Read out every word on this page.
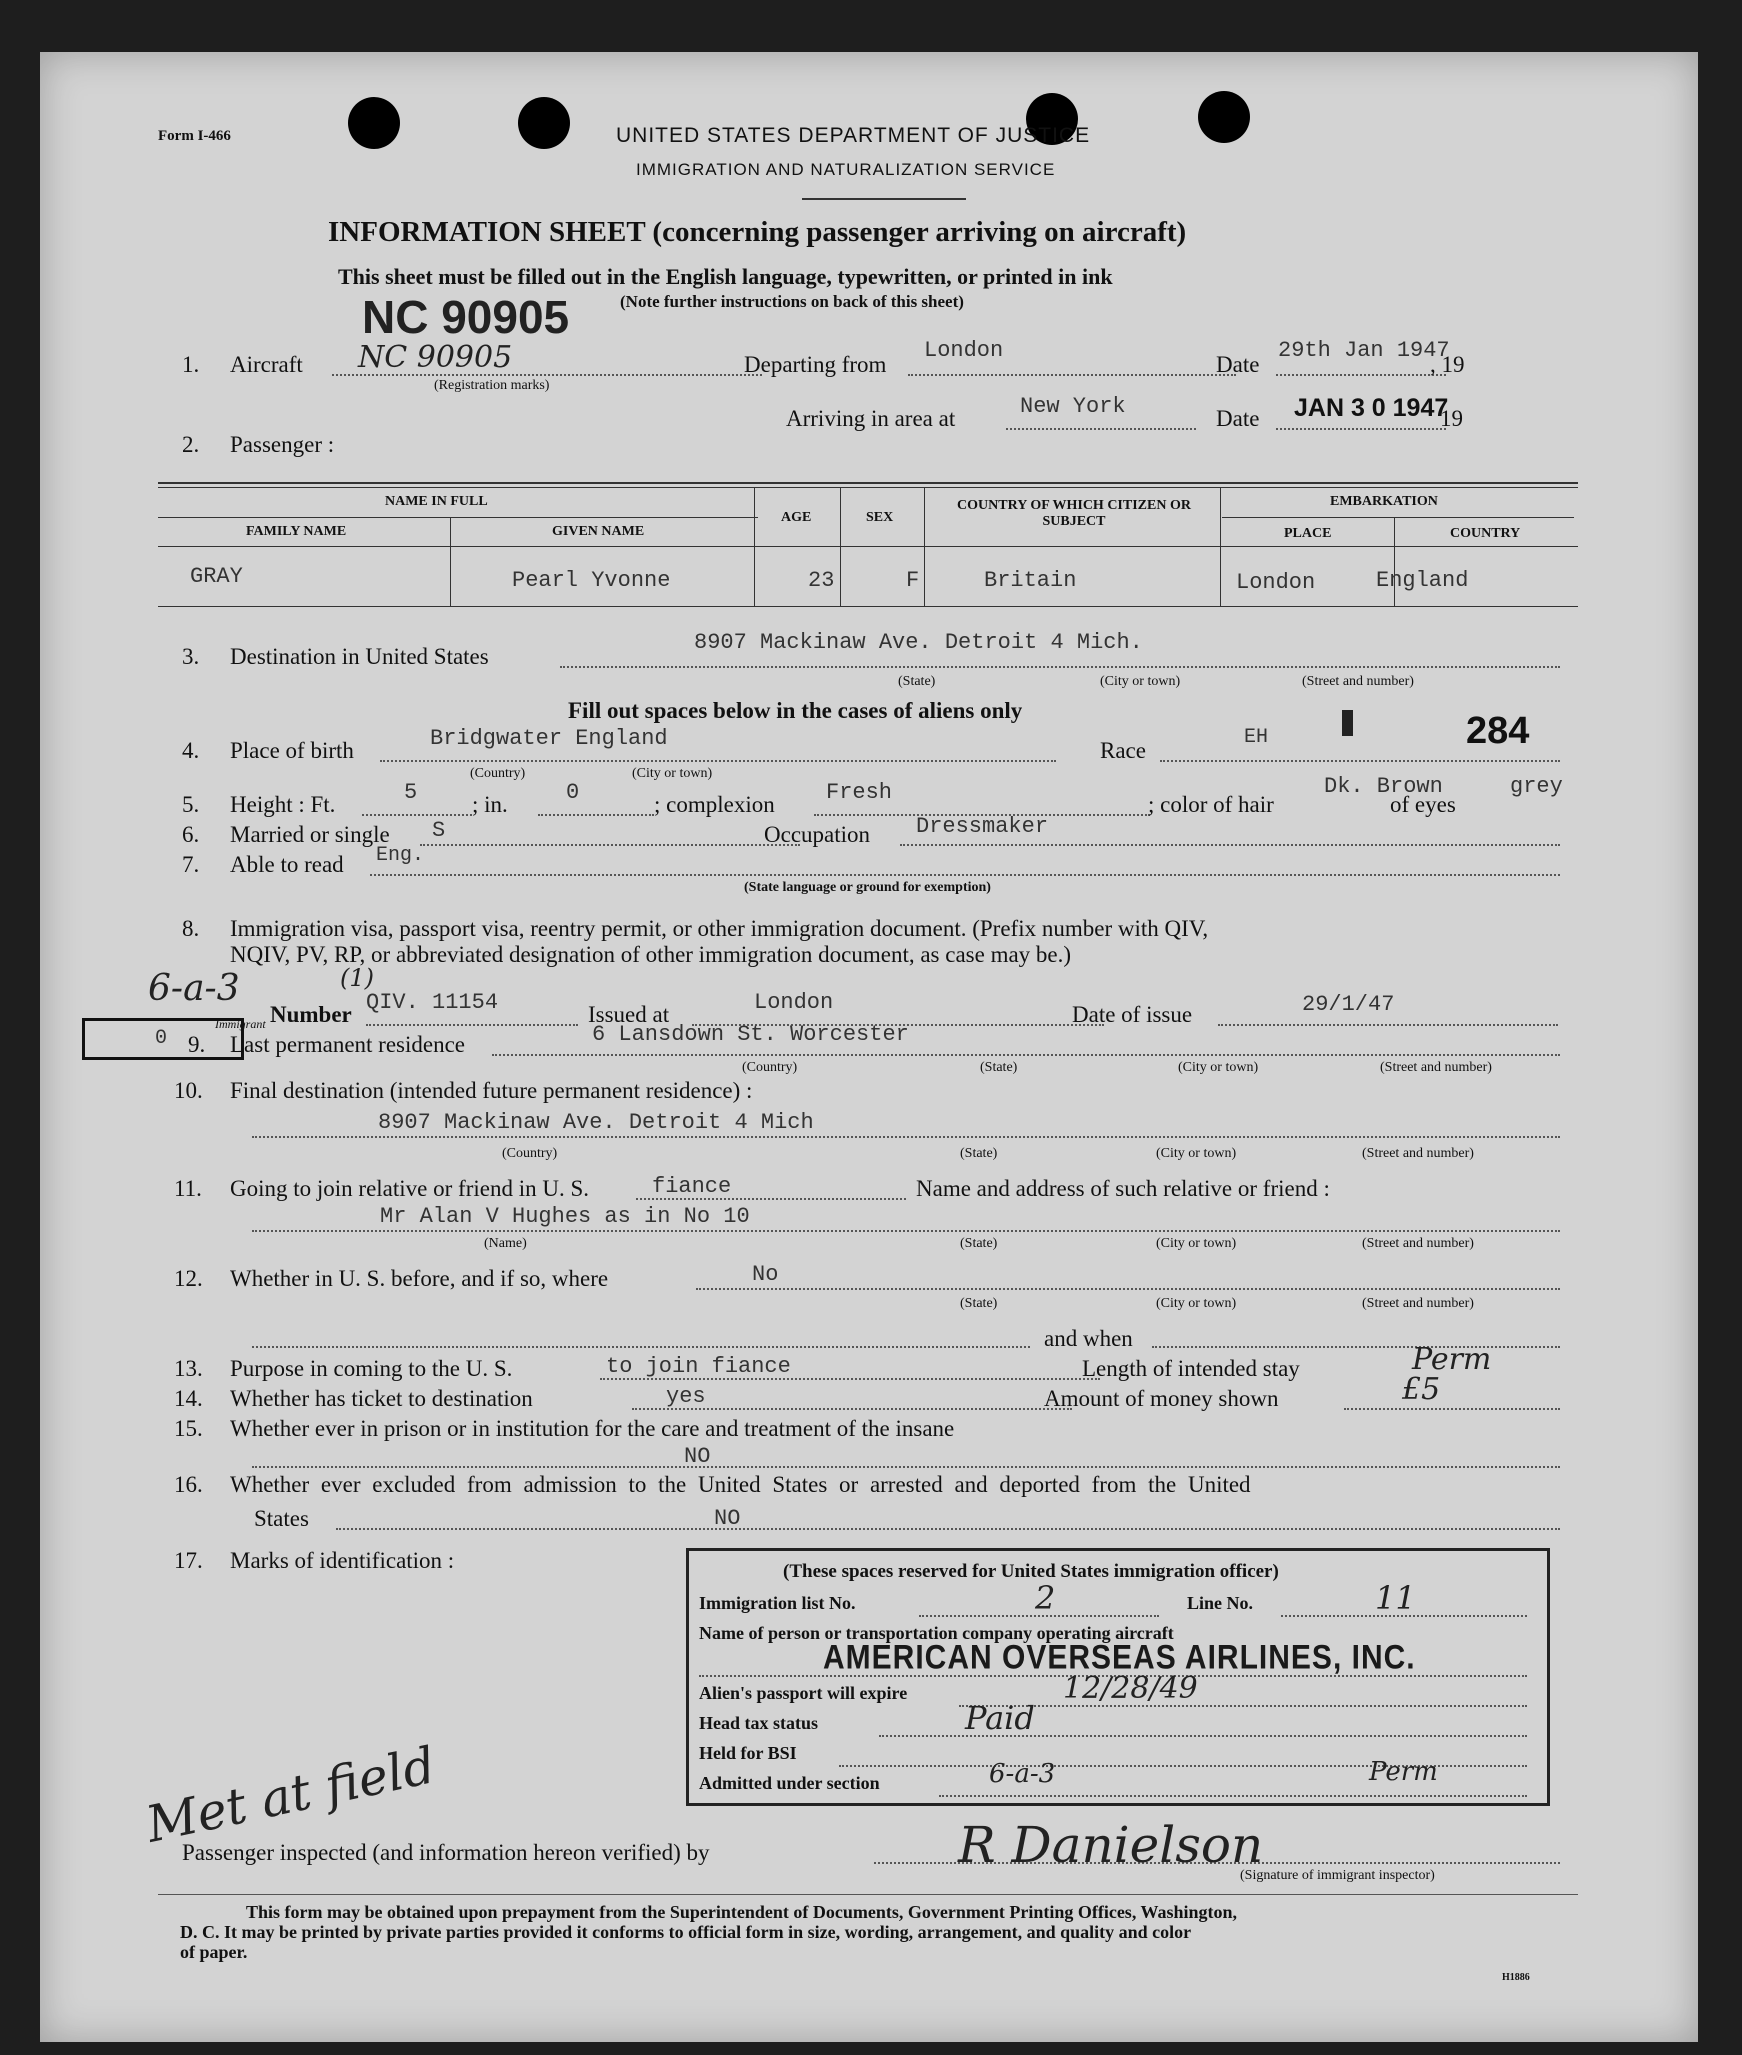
Form I-466	UNITED STATES DEPARTMENT OF JUSTICE
IMMIGRATION AND NATURALIZATION SERVICE
INFORMATION SHEET (concerning passenger arriving on aircraft)
This sheet must be filled out in the English language, typewritten, or printed in ink
(Note further instructions on back of this sheet)
NC 90905
1. Aircraft NC 90905
(Registration marks)
Departing from
London
Date
29th Jan 1947
, 19
Arriving in area at	New York	Date JAN 3 0 1947
19
2. Passenger :
NAME IN FULL
FAMILY NAME	GIVEN NAME
AGE	SEX
COUNTRY OF WHICH CITIZEN OR SUBJECT
EMBARKATION
PLACE	COUNTRY
GRAY	Pearl Yvonne	23	F	Britain	London	England
3. Destination in United States
8907 Mackinaw Ave. Detroit 4 Mich.
(State)	(City or town)	(Street and number)
Fill out spaces below in the cases of aliens only
4. Place of birth	Bridgwater England
(Country)	(City or town)
Race
EH	284
5. Height : Ft.	5 ; in.	0	; complexion Fresh	; color of hair
Dk. Brown
of eyes
grey
6. Married or single S	Occupation Dressmaker
7. Able to read Eng.
(State language or ground for exemption)
8. Immigration visa, passport visa, reentry permit, or other immigration document. (Prefix number with QIV,
NQIV, PV, RP, or abbreviated designation of other immigration document, as case may be.)
6-a-3	(1)
Number QIV. 11154	Issued at	London	Date of issue	29/1/47
0
Immigrant
9. Last permanent residence	6 Lansdown St. Worcester
(Country)	(State)	(City or town)	(Street and number)
10. Final destination (intended future permanent residence) :
8907 Mackinaw Ave. Detroit 4 Mich
(Country)	(State)	(City or town)	(Street and number)
11. Going to join relative or friend in U. S.	fiance	Name and address of such relative or friend :
Mr Alan V Hughes as in No 10
(Name)	(State)	(City or town)	(Street and number)
12. Whether in U. S. before, and if so, where	No
(State)	(City or town)	(Street and number)
and when
13. Purpose in coming to the U. S.	to join fiance	Length of intended stay	Perm
14. Whether has ticket to destination	yes	Amount of money shown	£5
15. Whether ever in prison or in institution for the care and treatment of the insane
NO
16. Whether ever excluded from admission to the United States or arrested and deported from the United
States	NO
17. Marks of identification :	(These spaces reserved for United States immigration officer)
Immigration list No.	2	Line No.	11
Name of person or transportation company operating aircraft
AMERICAN OVERSEAS AIRLINES, INC.
Alien's passport will expire	12/28/49
Head tax status	Paid
Held for BSI
Admitted under section	6-a-3	Perm
Met at field
Passenger inspected (and information hereon verified) by	R Danielson
(Signature of immigrant inspector)
This form may be obtained upon prepayment from the Superintendent of Documents, Government Printing Offices, Washington,
D. C. It may be printed by private parties provided it conforms to official form in size, wording, arrangement, and quality and color
of paper.
H1886
